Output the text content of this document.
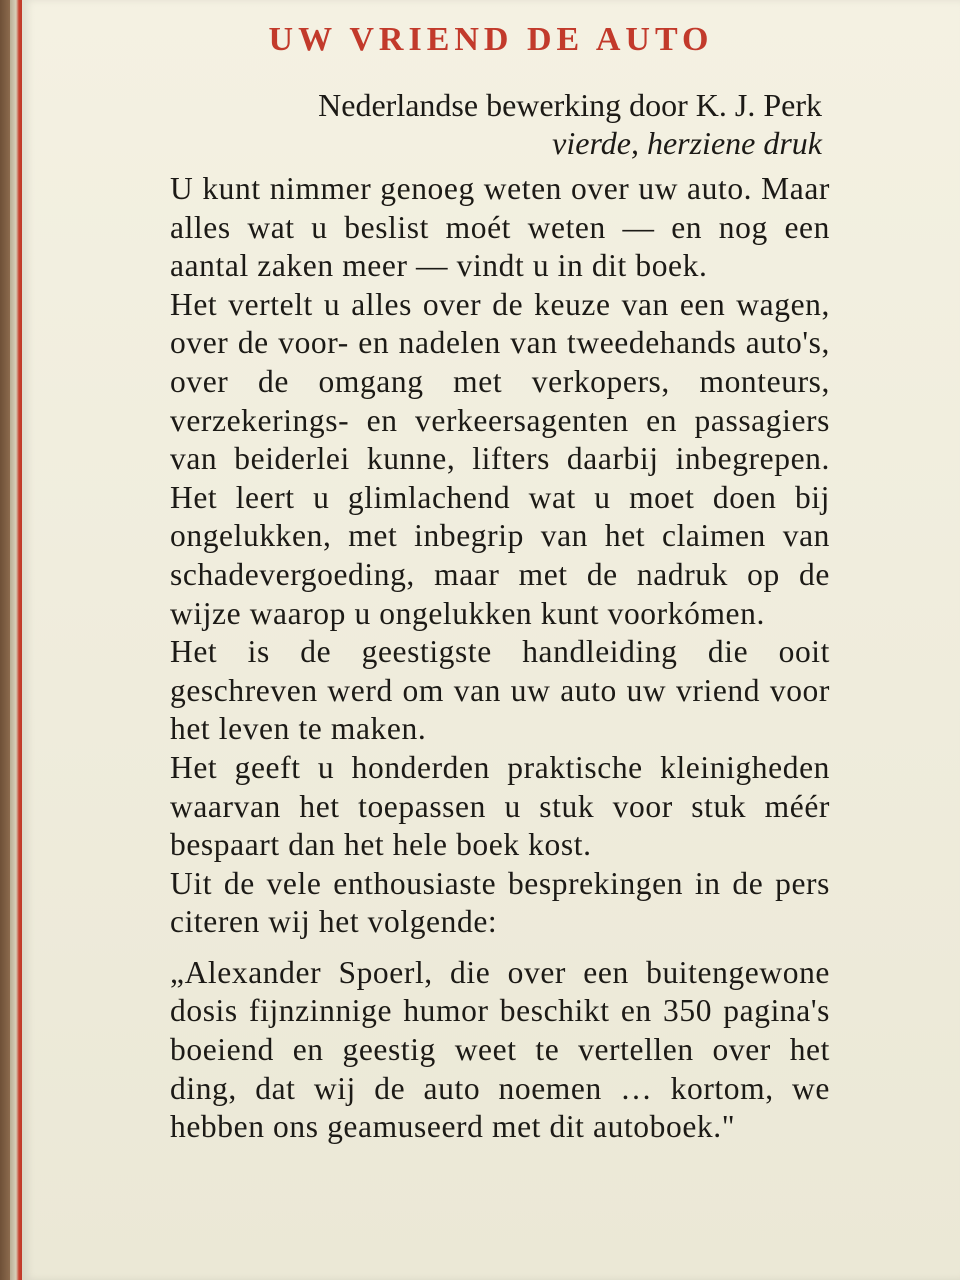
UW VRIEND DE AUTO
Nederlandse bewerking door K. J. Perk
vierde, herziene druk

U kunt nimmer genoeg weten over uw auto. Maar alles wat u beslist moét weten — en nog een aantal zaken meer — vindt u in dit boek.

Het vertelt u alles over de keuze van een wagen, over de voor- en nadelen van tweedehands auto's, over de omgang met verkopers, monteurs, verzekerings- en verkeersagenten en passagiers van beiderlei kunne, lifters daarbij inbegrepen. Het leert u glimlachend wat u moet doen bij ongelukken, met inbegrip van het claimen van schadevergoeding, maar met de nadruk op de wijze waarop u ongelukken kunt voorkómen.

Het is de geestigste handleiding die ooit geschreven werd om van uw auto uw vriend voor het leven te maken.

Het geeft u honderden praktische kleinigheden waarvan het toepassen u stuk voor stuk méér bespaart dan het hele boek kost.

Uit de vele enthousiaste besprekingen in de pers citeren wij het volgende:

„Alexander Spoerl, die over een buitengewone dosis fijnzinnige humor beschikt en 350 pagina's boeiend en geestig weet te vertellen over het ding, dat wij de auto noemen … kortom, we hebben ons geamuseerd met dit autoboek."
